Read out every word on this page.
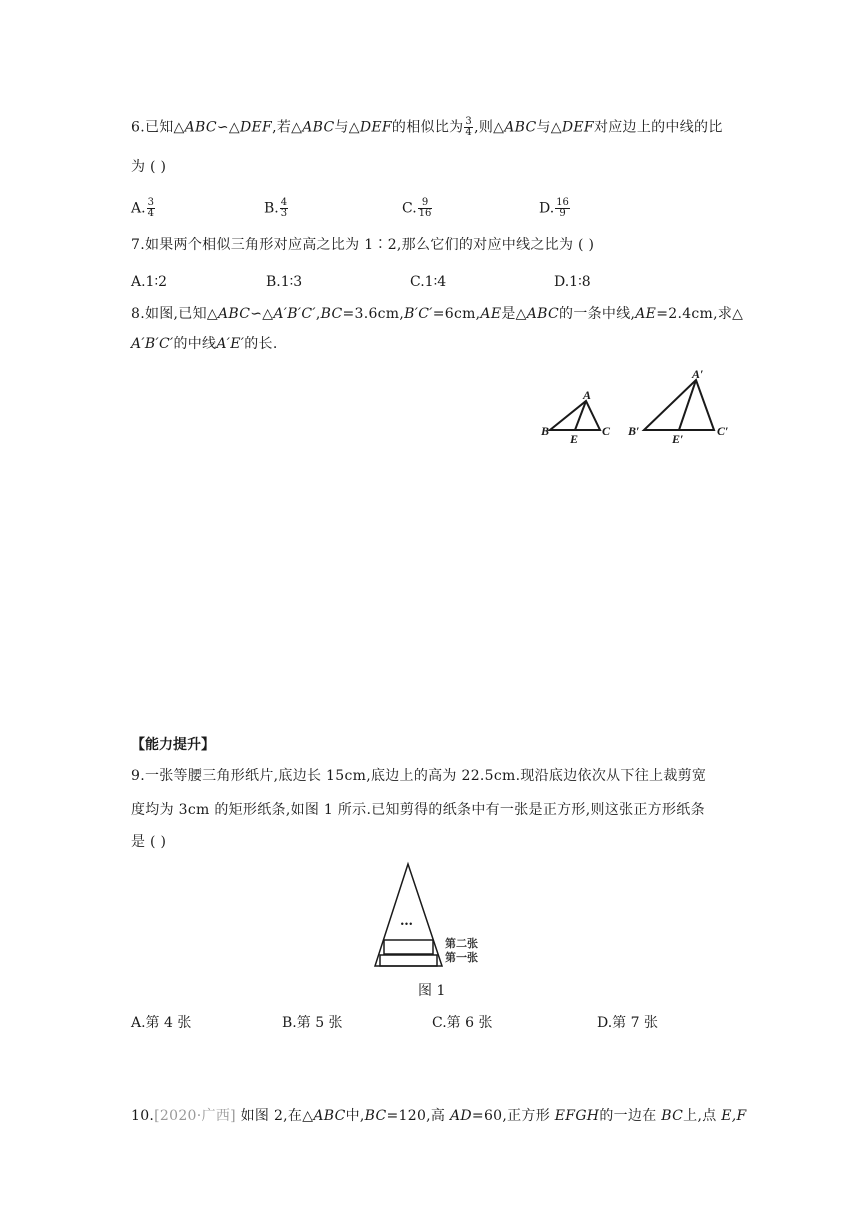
6.已知△ABC∽△DEF,若△ABC与△DEF的相似比为 $\frac{3}{4}$ ,则△ABC与△DEF对应边上的中线的比
为 ( )
A. $\frac{3}{4}$	B. $\frac{4}{3}$	C. $\frac{9}{16}$	D. $\frac{16}{9}$
7.如果两个相似三角形对应高之比为 1∶2,那么它们的对应中线之比为 ( )
A.1∶2	B.1∶3	C.1∶4	D.1∶8
8.如图,已知△ABC∽△A′B′C′,BC=3.6cm,B′C′=6cm,AE是△ABC的一条中线,AE=2.4cm,求△
A′B′C′的中线A′E′的长.
A
B	C
E
A′
B′	C′
E′
【能力提升】
9.一张等腰三角形纸片,底边长 15cm,底边上的高为 22.5cm.现沿底边依次从下往上裁剪宽
度均为 3cm 的矩形纸条,如图 1 所示.已知剪得的纸条中有一张是正方形,则这张正方形纸条
是 ( )
…
第二张
第一张
图 1
A.第 4 张	B.第 5 张	C.第 6 张	D.第 7 张
10.[2020·广西] 如图 2,在△ABC中,BC=120,高 AD=60,正方形 EFGH的一边在 BC上,点 E,F
